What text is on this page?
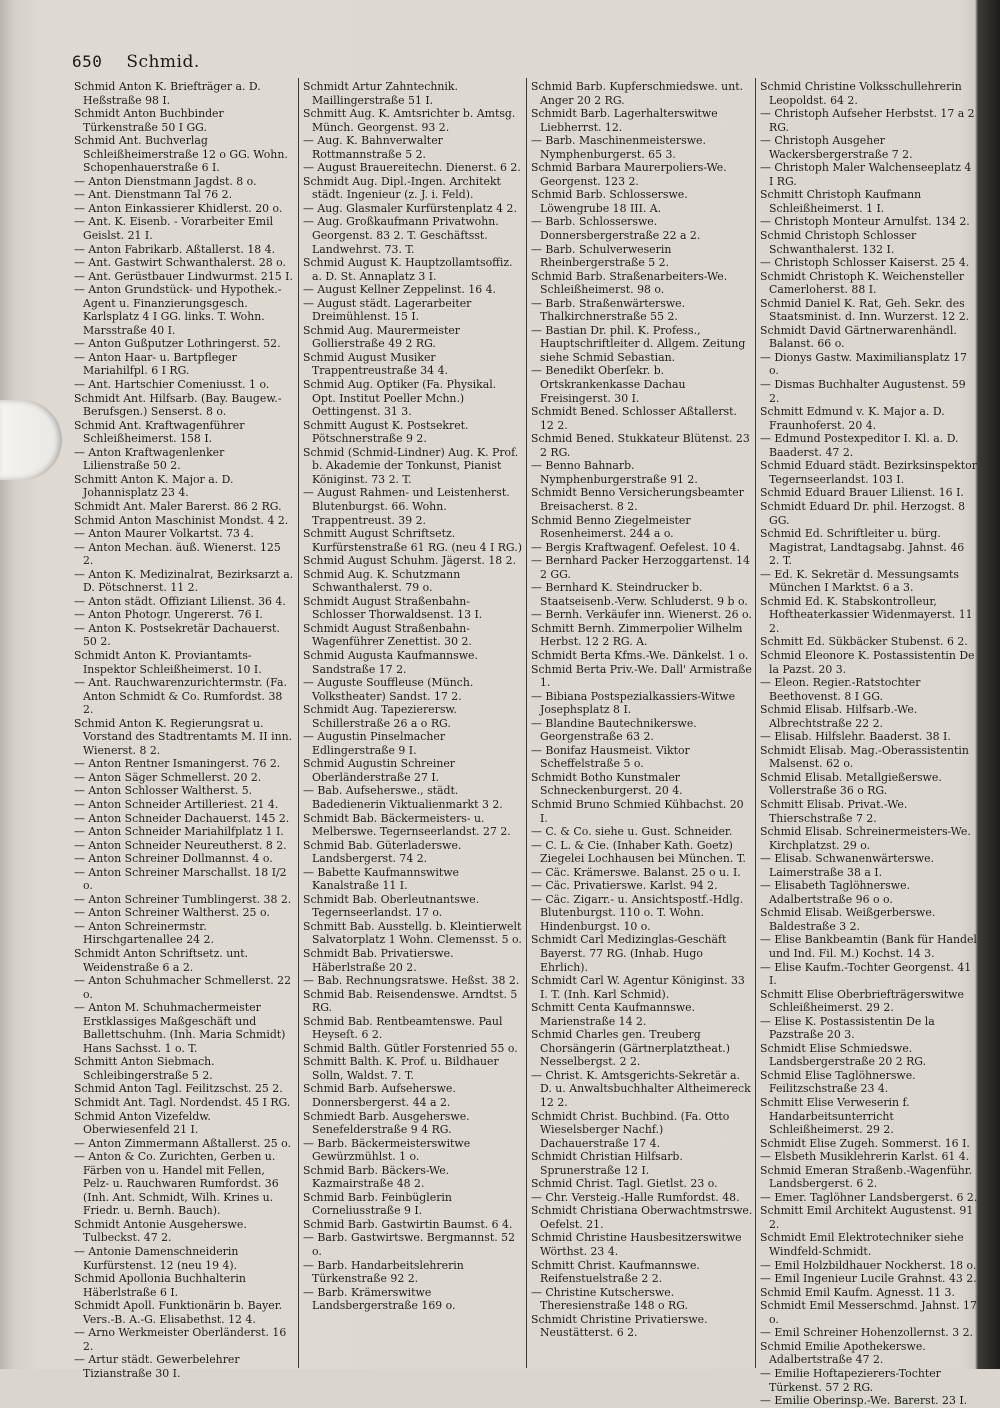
650 Schmid.

Schmid Anton K. Briefträger a. D. Heßstraße 98 I.

Schmidt Anton Buchbinder Türkenstraße 50 I GG.

Schmid Ant. Buchverlag Schleißheimerstraße 12 o GG. Wohn. Schopenhauerstraße 6 I.

— Anton Dienstmann Jagdst. 8 o.

— Ant. Dienstmann Tal 76 2.

— Anton Einkassierer Khidlerst. 20 o.

— Ant. K. Eisenb. - Vorarbeiter Emil Geislst. 21 I.

— Anton Fabrikarb. Aßtallerst. 18 4.

— Ant. Gastwirt Schwanthalerst. 28 o.

— Ant. Gerüstbauer Lindwurmst. 215 I.

— Anton Grundstück- und Hypothek.-Agent u. Finanzierungsgesch. Karlsplatz 4 I GG. links. T. Wohn. Marsstraße 40 I.

— Anton Gußputzer Lothringerst. 52.

— Anton Haar- u. Bartpfleger Mariahilfpl. 6 I RG.

— Ant. Hartschier Comeniusst. 1 o.

Schmidt Ant. Hilfsarb. (Bay. Baugew.-Berufsgen.) Senserst. 8 o.

Schmid Ant. Kraftwagenführer Schleißheimerst. 158 I.

— Anton Kraftwagenlenker Lilienstraße 50 2.

Schmitt Anton K. Major a. D. Johannisplatz 23 4.

Schmidt Ant. Maler Barerst. 86 2 RG.

Schmid Anton Maschinist Mondst. 4 2.

— Anton Maurer Volkartst. 73 4.

— Anton Mechan. äuß. Wienerst. 125 2.

— Anton K. Medizinalrat, Bezirksarzt a. D. Pötschnerst. 11 2.

— Anton städt. Offiziant Lilienst. 36 4.

— Anton Photogr. Ungererst. 76 I.

— Anton K. Postsekretär Dachauerst. 50 2.

Schmidt Anton K. Proviantamts-Inspektor Schleißheimerst. 10 I.

— Ant. Rauchwarenzurichtermstr. (Fa. Anton Schmidt & Co. Rumfordst. 38 2.

Schmid Anton K. Regierungsrat u. Vorstand des Stadtrentamts M. II inn. Wienerst. 8 2.

— Anton Rentner Ismaningerst. 76 2.

— Anton Säger Schmellerst. 20 2.

— Anton Schlosser Waltherst. 5.

— Anton Schneider Artilleriest. 21 4.

— Anton Schneider Dachauerst. 145 2.

— Anton Schneider Mariahilfplatz 1 I.

— Anton Schneider Neureutherst. 8 2.

— Anton Schreiner Dollmannst. 4 o.

— Anton Schreiner Marschallst. 18 I/2 o.

— Anton Schreiner Tumblingerst. 38 2.

— Anton Schreiner Waltherst. 25 o.

— Anton Schreinermstr. Hirschgartenallee 24 2.

Schmidt Anton Schriftsetz. unt. Weidenstraße 6 a 2.

— Anton Schuhmacher Schmellerst. 22 o.

— Anton M. Schuhmachermeister Erstklassiges Maßgeschäft und Ballettschuhm. (Inh. Maria Schmidt) Hans Sachsst. 1 o. T.

Schmitt Anton Siebmach. Schleibingerstraße 5 2.

Schmid Anton Tagl. Feilitzschst. 25 2.

Schmidt Ant. Tagl. Nordendst. 45 I RG.

Schmid Anton Vizefeldw. Oberwiesenfeld 21 I.

— Anton Zimmermann Aßtallerst. 25 o.

— Anton & Co. Zurichten, Gerben u. Färben von u. Handel mit Fellen, Pelz- u. Rauchwaren Rumfordst. 36 (Inh. Ant. Schmidt, Wilh. Krines u. Friedr. u. Bernh. Bauch).

Schmidt Antonie Ausgeherswe. Tulbeckst. 47 2.

— Antonie Damenschneiderin Kurfürstenst. 12 (neu 19 4).

Schmid Apollonia Buchhalterin Häberlstraße 6 I.

Schmidt Apoll. Funktionärin b. Bayer. Vers.-B. A.-G. Elisabethst. 12 4.

— Arno Werkmeister Oberländerst. 16 2.

— Artur städt. Gewerbelehrer Tizianstraße 30 I.

Schmidt Artur Zahntechnik. Maillingerstraße 51 I.

Schmitt Aug. K. Amtsrichter b. Amtsg. Münch. Georgenst. 93 2.

— Aug. K. Bahnverwalter Rottmannstraße 5 2.

— August Brauereitechn. Dienerst. 6 2.

Schmidt Aug. Dipl.-Ingen. Architekt städt. Ingenieur (z. J. i. Feld).

— Aug. Glasmaler Kurfürstenplatz 4 2.

— Aug. Großkaufmann Privatwohn. Georgenst. 83 2. T. Geschäftsst. Landwehrst. 73. T.

Schmid August K. Hauptzollamtsoffiz. a. D. St. Annaplatz 3 I.

— August Kellner Zeppelinst. 16 4.

— August städt. Lagerarbeiter Dreimühlenst. 15 I.

Schmid Aug. Maurermeister Gollierstraße 49 2 RG.

Schmid August Musiker Trappentreustraße 34 4.

Schmid Aug. Optiker (Fa. Physikal. Opt. Institut Poeller Mchn.) Oettingenst. 31 3.

Schmitt August K. Postsekret. Pötschnerstraße 9 2.

Schmid (Schmid-Lindner) Aug. K. Prof. b. Akademie der Tonkunst, Pianist Königinst. 73 2. T.

— August Rahmen- und Leistenherst. Blutenburgst. 66. Wohn. Trappentreust. 39 2.

Schmitt August Schriftsetz. Kurfürstenstraße 61 RG. (neu 4 I RG.)

Schmid August Schuhm. Jägerst. 18 2.

Schmid Aug. K. Schutzmann Schwanthalerst. 79 o.

Schmidt August Straßenbahn-Schlosser Thorwaldsenst. 13 I.

Schmidt August Straßenbahn-Wagenführer Zenettist. 30 2.

Schmid Augusta Kaufmannswe. Sandstraße 17 2.

— Auguste Souffleuse (Münch. Volkstheater) Sandst. 17 2.

Schmidt Aug. Tapezierersw. Schillerstraße 26 a o RG.

— Augustin Pinselmacher Edlingerstraße 9 I.

Schmid Augustin Schreiner Oberländerstraße 27 I.

— Bab. Aufseherswe., städt. Badedienerin Viktualienmarkt 3 2.

Schmidt Bab. Bäckermeisters- u. Melberswe. Tegernseerlandst. 27 2.

Schmid Bab. Güterladerswe. Landsbergerst. 74 2.

— Babette Kaufmannswitwe Kanalstraße 11 I.

Schmidt Bab. Oberleutnantswe. Tegernseerlandst. 17 o.

Schmitt Bab. Ausstellg. b. Kleintierwelt Salvatorplatz 1 Wohn. Clemensst. 5 o.

Schmidt Bab. Privatierswe. Häberlstraße 20 2.

— Bab. Rechnungsratswe. Heßst. 38 2.

Schmid Bab. Reisendenswe. Arndtst. 5 RG.

Schmid Bab. Rentbeamtenswe. Paul Heyseſt. 6 2.

Schmid Balth. Gütler Forstenried 55 o.

Schmitt Balth. K. Prof. u. Bildhauer Solln, Waldst. 7. T.

Schmid Barb. Aufseherswe. Donnersbergerst. 44 a 2.

Schmiedt Barb. Ausgeherswe. Senefelderstraße 9 4 RG.

— Barb. Bäckermeisterswitwe Gewürzmühlst. 1 o.

Schmid Barb. Bäckers-We. Kazmairstraße 48 2.

Schmid Barb. Feinbüglerin Corneliusstraße 9 I.

Schmid Barb. Gastwirtin Baumst. 6 4.

— Barb. Gastwirtswe. Bergmannst. 52 o.

— Barb. Handarbeitslehrerin Türkenstraße 92 2.

— Barb. Krämerswitwe Landsbergerstraße 169 o.

Schmid Barb. Kupferschmiedswe. unt. Anger 20 2 RG.

Schmidt Barb. Lagerhalterswitwe Liebherrst. 12.

— Barb. Maschinenmeisterswe. Nymphenburgerst. 65 3.

Schmid Barbara Maurerpoliers-We. Georgenst. 123 2.

Schmid Barb. Schlosserswe. Löwengrube 18 III. A.

— Barb. Schlosserswe. Donnersbergerstraße 22 a 2.

— Barb. Schulverweserin Rheinbergerstraße 5 2.

Schmid Barb. Straßenarbeiters-We. Schleißheimerst. 98 o.

— Barb. Straßenwärterswe. Thalkirchnerstraße 55 2.

— Bastian Dr. phil. K. Profess., Hauptschriftleiter d. Allgem. Zeitung siehe Schmid Sebastian.

— Benedikt Oberſekr. b. Ortskrankenkasse Dachau Freisingerst. 30 I.

Schmidt Bened. Schlosser Aßtallerst. 12 2.

Schmid Bened. Stukkateur Blütenst. 23 2 RG.

— Benno Bahnarb. Nymphenburgerstraße 91 2.

Schmidt Benno Versicherungsbeamter Breisacherst. 8 2.

Schmid Benno Ziegelmeister Rosenheimerst. 244 a o.

— Bergis Kraftwagenf. Oefelest. 10 4.

— Bernhard Packer Herzoggartenst. 14 2 GG.

— Bernhard K. Steindrucker b. Staatseisenb.-Verw. Schluderst. 9 b o.

— Bernh. Verkäufer inn. Wienerst. 26 o.

Schmitt Bernh. Zimmerpolier Wilhelm Herbst. 12 2 RG. A.

Schmidt Berta Kfms.-We. Dänkelst. 1 o.

Schmid Berta Priv.-We. Dall' Armistraße 1.

— Bibiana Postspezialkassiers-Witwe Josephsplatz 8 I.

— Blandine Bautechnikerswe. Georgenstraße 63 2.

— Bonifaz Hausmeist. Viktor Scheffelstraße 5 o.

Schmidt Botho Kunstmaler Schneckenburgerst. 20 4.

Schmid Bruno Schmied Kühbachst. 20 I.

— C. & Co. siehe u. Gust. Schneider.

— C. L. & Cie. (Inhaber Kath. Goetz) Ziegelei Lochhausen bei München. T.

— Cäc. Krämerswe. Balanst. 25 o u. I.

— Cäc. Privatierswe. Karlst. 94 2.

— Cäc. Zigarr.- u. Ansichtspostf.-Hdlg. Blutenburgst. 110 o. T. Wohn. Hindenburgst. 10 o.

Schmidt Carl Medizinglas-Geschäft Bayerst. 77 RG. (Inhab. Hugo Ehrlich).

Schmidt Carl W. Agentur Königinst. 33 I. T. (Inh. Karl Schmid).

Schmitt Centa Kaufmannswe. Marienstraße 14 2.

Schmid Charles gen. Treuberg Chorsängerin (Gärtnerplatztheat.) Nesselbergst. 2 2.

— Christ. K. Amtsgerichts-Sekretär a. D. u. Anwaltsbuchhalter Altheimereck 12 2.

Schmidt Christ. Buchbind. (Fa. Otto Wieselsberger Nachf.) Dachauerstraße 17 4.

Schmidt Christian Hilfsarb. Sprunerstraße 12 I.

Schmid Christ. Tagl. Gietlst. 23 o.

— Chr. Versteig.-Halle Rumfordst. 48.

Schmidt Christiana Oberwachtmstrswe. Oefelst. 21.

Schmid Christine Hausbesitzerswitwe Wörthst. 23 4.

Schmitt Christ. Kaufmannswe. Reifenstuelstraße 2 2.

— Christine Kutscherswe. Theresienstraße 148 o RG.

Schmidt Christine Privatierswe. Neustätterst. 6 2.

Schmid Christine Volksschullehrerin Leopoldst. 64 2.

— Christoph Aufseher Herbstst. 17 a 2 RG.

— Christoph Ausgeher Wackersbergerstraße 7 2.

— Christoph Maler Walchenseeplatz 4 I RG.

Schmitt Christoph Kaufmann Schleißheimerst. 1 I.

— Christoph Monteur Arnulfst. 134 2.

Schmid Christoph Schlosser Schwanthalerst. 132 I.

— Christoph Schlosser Kaiserst. 25 4.

Schmidt Christoph K. Weichensteller Camerloherst. 88 I.

Schmid Daniel K. Rat, Geh. Sekr. des Staatsminist. d. Inn. Wurzerst. 12 2.

Schmidt David Gärtnerwarenhändl. Balanst. 66 o.

— Dionys Gastw. Maximiliansplatz 17 o.

— Dismas Buchhalter Augustenst. 59 2.

Schmitt Edmund v. K. Major a. D. Fraunhoferst. 20 4.

— Edmund Postexpeditor I. Kl. a. D. Baaderst. 47 2.

Schmid Eduard städt. Bezirksinspektor Tegernseerlandst. 103 I.

Schmid Eduard Brauer Lilienst. 16 I.

Schmidt Eduard Dr. phil. Herzogst. 8 GG.

Schmid Ed. Schriftleiter u. bürg. Magistrat, Landtagsabg. Jahnst. 46 2. T.

— Ed. K. Sekretär d. Messungsamts München I Marktst. 6 a 3.

Schmid Ed. K. Stabskontrolleur, Hoftheaterkassier Widenmayerst. 11 2.

Schmitt Ed. Sükbäcker Stubenst. 6 2.

Schmid Eleonore K. Postassistentin De la Pazst. 20 3.

— Eleon. Regier.-Ratstochter Beethovenst. 8 I GG.

Schmid Elisab. Hilfsarb.-We. Albrechtstraße 22 2.

— Elisab. Hilfslehr. Baaderst. 38 I.

Schmidt Elisab. Mag.-Oberassistentin Malsenst. 62 o.

Schmid Elisab. Metallgießerswe. Vollerstraße 36 o RG.

Schmitt Elisab. Privat.-We. Thierschstraße 7 2.

Schmid Elisab. Schreinermeisters-We. Kirchplatzst. 29 o.

— Elisab. Schwanenwärterswe. Laimerstraße 38 a I.

— Elisabeth Taglöhnerswe. Adalbertstraße 96 o o.

Schmid Elisab. Weißgerberswe. Baldestraße 3 2.

— Elise Bankbeamtin (Bank für Handel und Ind. Fil. M.) Kochst. 14 3.

— Elise Kaufm.-Tochter Georgenst. 41 I.

Schmitt Elise Oberbriefträgerswitwe Schleißheimerst. 29 2.

— Elise K. Postassistentin De la Pazstraße 20 3.

Schmidt Elise Schmiedswe. Landsbergerstraße 20 2 RG.

Schmid Elise Taglöhnerswe. Feilitzschstraße 23 4.

Schmitt Elise Verweserin f. Handarbeitsunterricht Schleißheimerst. 29 2.

Schmidt Elise Zugeh. Sommerst. 16 I.

— Elsbeth Musiklehrerin Karlst. 61 4.

Schmid Emeran Straßenb.-Wagenführ. Landsbergerst. 6 2.

— Emer. Taglöhner Landsbergerst. 6 2.

Schmitt Emil Architekt Augustenst. 91 2.

Schmidt Emil Elektrotechniker siehe Windfeld-Schmidt.

— Emil Holzbildhauer Nockherst. 18 o.

— Emil Ingenieur Lucile Grahnst. 43 2.

Schmid Emil Kaufm. Agnesst. 11 3.

Schmidt Emil Messerschmd. Jahnst. 17 o.

— Emil Schreiner Hohenzollernst. 3 2.

Schmid Emilie Apothekerswe. Adalbertstraße 47 2.

— Emilie Hoftapezierers-Tochter Türkenst. 57 2 RG.

— Emilie Oberinsp.-We. Barerst. 23 I.
